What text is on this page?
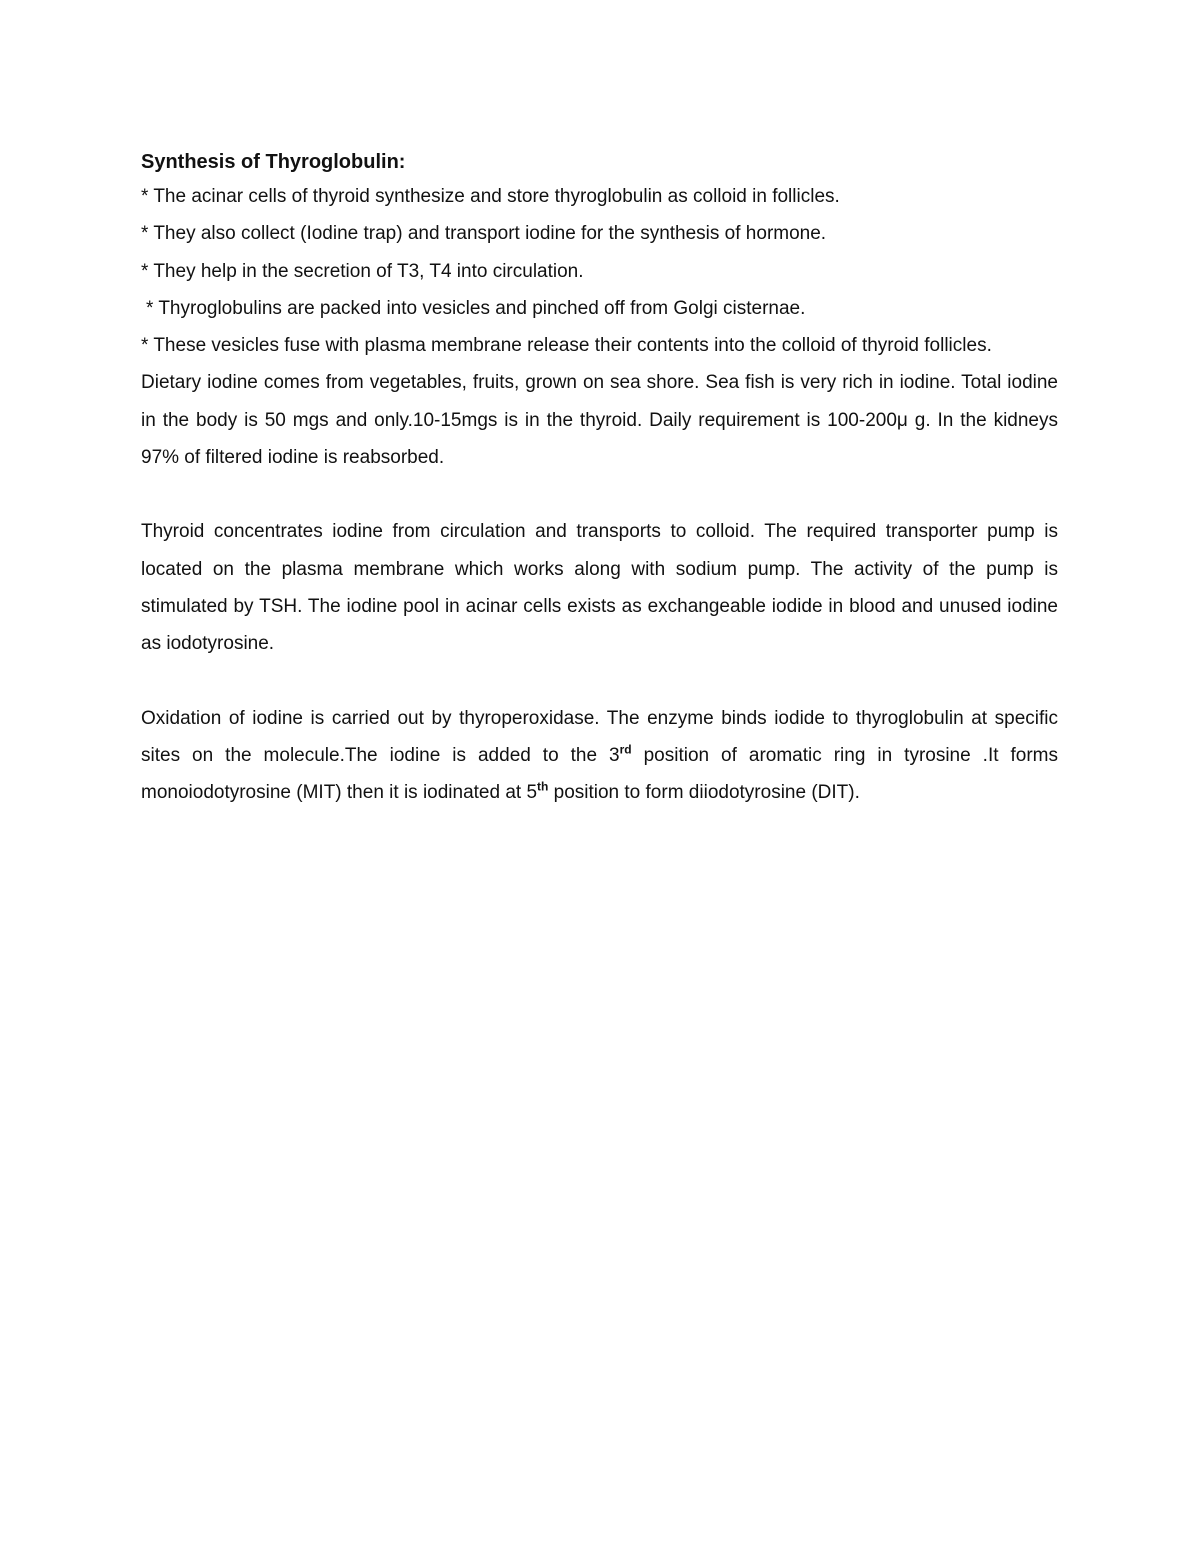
Synthesis of Thyroglobulin:

* The acinar cells of thyroid synthesize and store thyroglobulin as colloid in follicles.

* They also collect (Iodine trap) and transport iodine for the synthesis of hormone.

* They help in the secretion of T3, T4 into circulation.

* Thyroglobulins are packed into vesicles and pinched off from Golgi cisternae.

* These vesicles fuse with plasma membrane release their contents into the colloid of thyroid follicles.

Dietary iodine comes from vegetables, fruits, grown on sea shore. Sea fish is very rich in iodine. Total iodine in the body is 50 mgs and only.10-15mgs is in the thyroid. Daily requirement is 100-200μ g. In the kidneys 97% of filtered iodine is reabsorbed.

Thyroid concentrates iodine from circulation and transports to colloid. The required transporter pump is located on the plasma membrane which works along with sodium pump. The activity of the pump is stimulated by TSH. The iodine pool in acinar cells exists as exchangeable iodide in blood and unused iodine as iodotyrosine.

Oxidation of iodine is carried out by thyroperoxidase. The enzyme binds iodide to thyroglobulin at specific sites on the molecule.The iodine is added to the 3rd position of aromatic ring in tyrosine .It forms monoiodotyrosine (MIT) then it is iodinated at 5th position to form diiodotyrosine (DIT).
